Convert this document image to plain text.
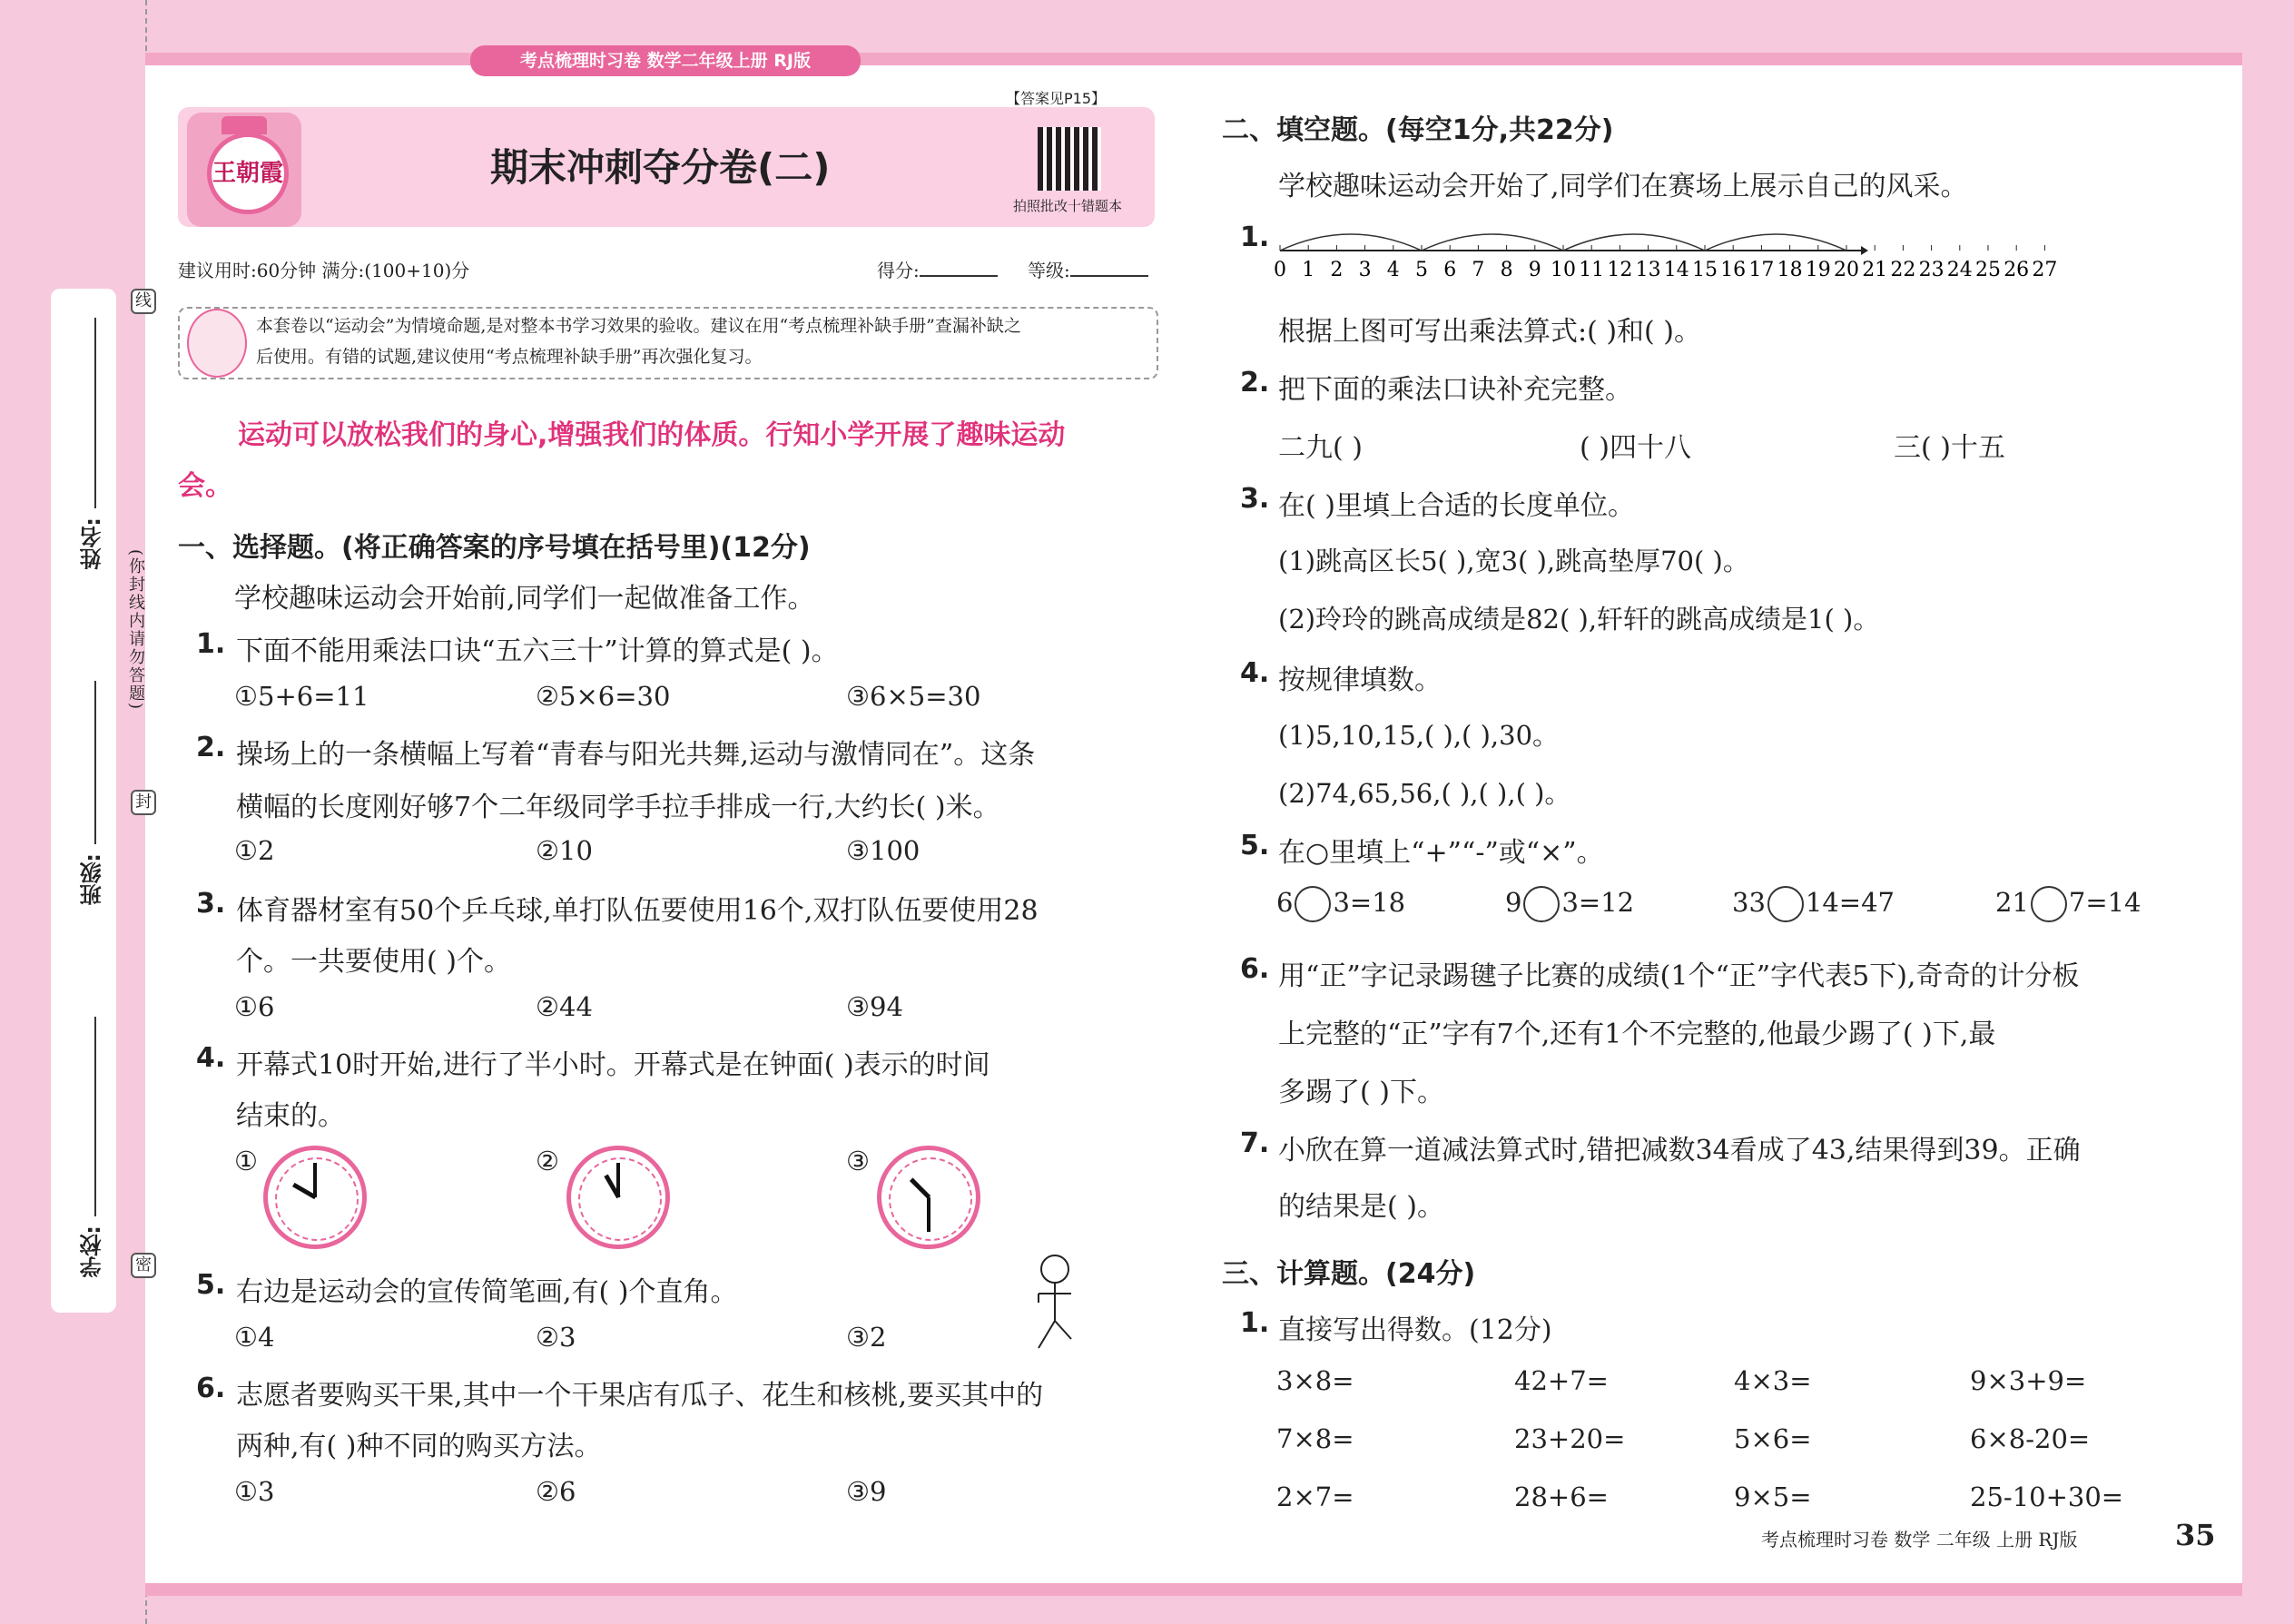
姓名:
班级:
学校:
线
封
密
(你封线内请勿答题)
考点梳理时习卷 数学二年级上册 RJ版
王朝霞	期末冲刺夺分卷(二)
【答案见P15】
拍照批改十错题本
建议用时:60分钟 满分:(100+10)分	得分:	等级:
本套卷以“运动会”为情境命题,是对整本书学习效果的验收。建议在用“考点梳理补缺手册”查漏补缺之
后使用。有错的试题,建议使用“考点梳理补缺手册”再次强化复习。
运动可以放松我们的身心,增强我们的体质。行知小学开展了趣味运动
会。
一、选择题。(将正确答案的序号填在括号里)(12分)
学校趣味运动会开始前,同学们一起做准备工作。
1. 下面不能用乘法口诀“五六三十”计算的算式是( )。
①5+6=11	②5×6=30	③6×5=30
2. 操场上的一条横幅上写着“青春与阳光共舞,运动与激情同在”。这条
横幅的长度刚好够7个二年级同学手拉手排成一行,大约长( )米。
①2	②10	③100
3. 体育器材室有50个乒乓球,单打队伍要使用16个,双打队伍要使用28
个。一共要使用( )个。
①6	②44	③94
4. 开幕式10时开始,进行了半小时。开幕式是在钟面( )表示的时间
结束的。
①	②	③
5. 右边是运动会的宣传简笔画,有( )个直角。
①4	②3	③2
6. 志愿者要购买干果,其中一个干果店有瓜子、花生和核桃,要买其中的
两种,有( )种不同的购买方法。
①3	②6	③9
二、填空题。(每空1分,共22分)
学校趣味运动会开始了,同学们在赛场上展示自己的风采。
1.
0 1 2 3 4 5 6 7 8 9 10 11 12 13 14 15 16 17 18 19 20 21 22 23 24 25 26 27
根据上图可写出乘法算式:( )和( )。
2. 把下面的乘法口诀补充完整。
二九( )	( )四十八	三( )十五
3. 在( )里填上合适的长度单位。
(1)跳高区长5( ),宽3( ),跳高垫厚70( )。
(2)玲玲的跳高成绩是82( ),轩轩的跳高成绩是1( )。
4. 按规律填数。
(1)5,10,15,( ),( ),30。
(2)74,65,56,( ),( ),( )。
5. 在○里填上“+”“-”或“×”。
6 3=18	9 3=12	33 14=47	21 7=14
6. 用“正”字记录踢毽子比赛的成绩(1个“正”字代表5下),奇奇的计分板
上完整的“正”字有7个,还有1个不完整的,他最少踢了( )下,最
多踢了( )下。
7. 小欣在算一道减法算式时,错把减数34看成了43,结果得到39。正确
的结果是( )。
三、计算题。(24分)
1. 直接写出得数。(12分)
3×8=	42+7=	4×3=	9×3+9=
7×8=	23+20=	5×6=	6×8-20=
2×7=	28+6=	9×5=	25-10+30=
考点梳理时习卷 数学 二年级 上册 RJ版	35
